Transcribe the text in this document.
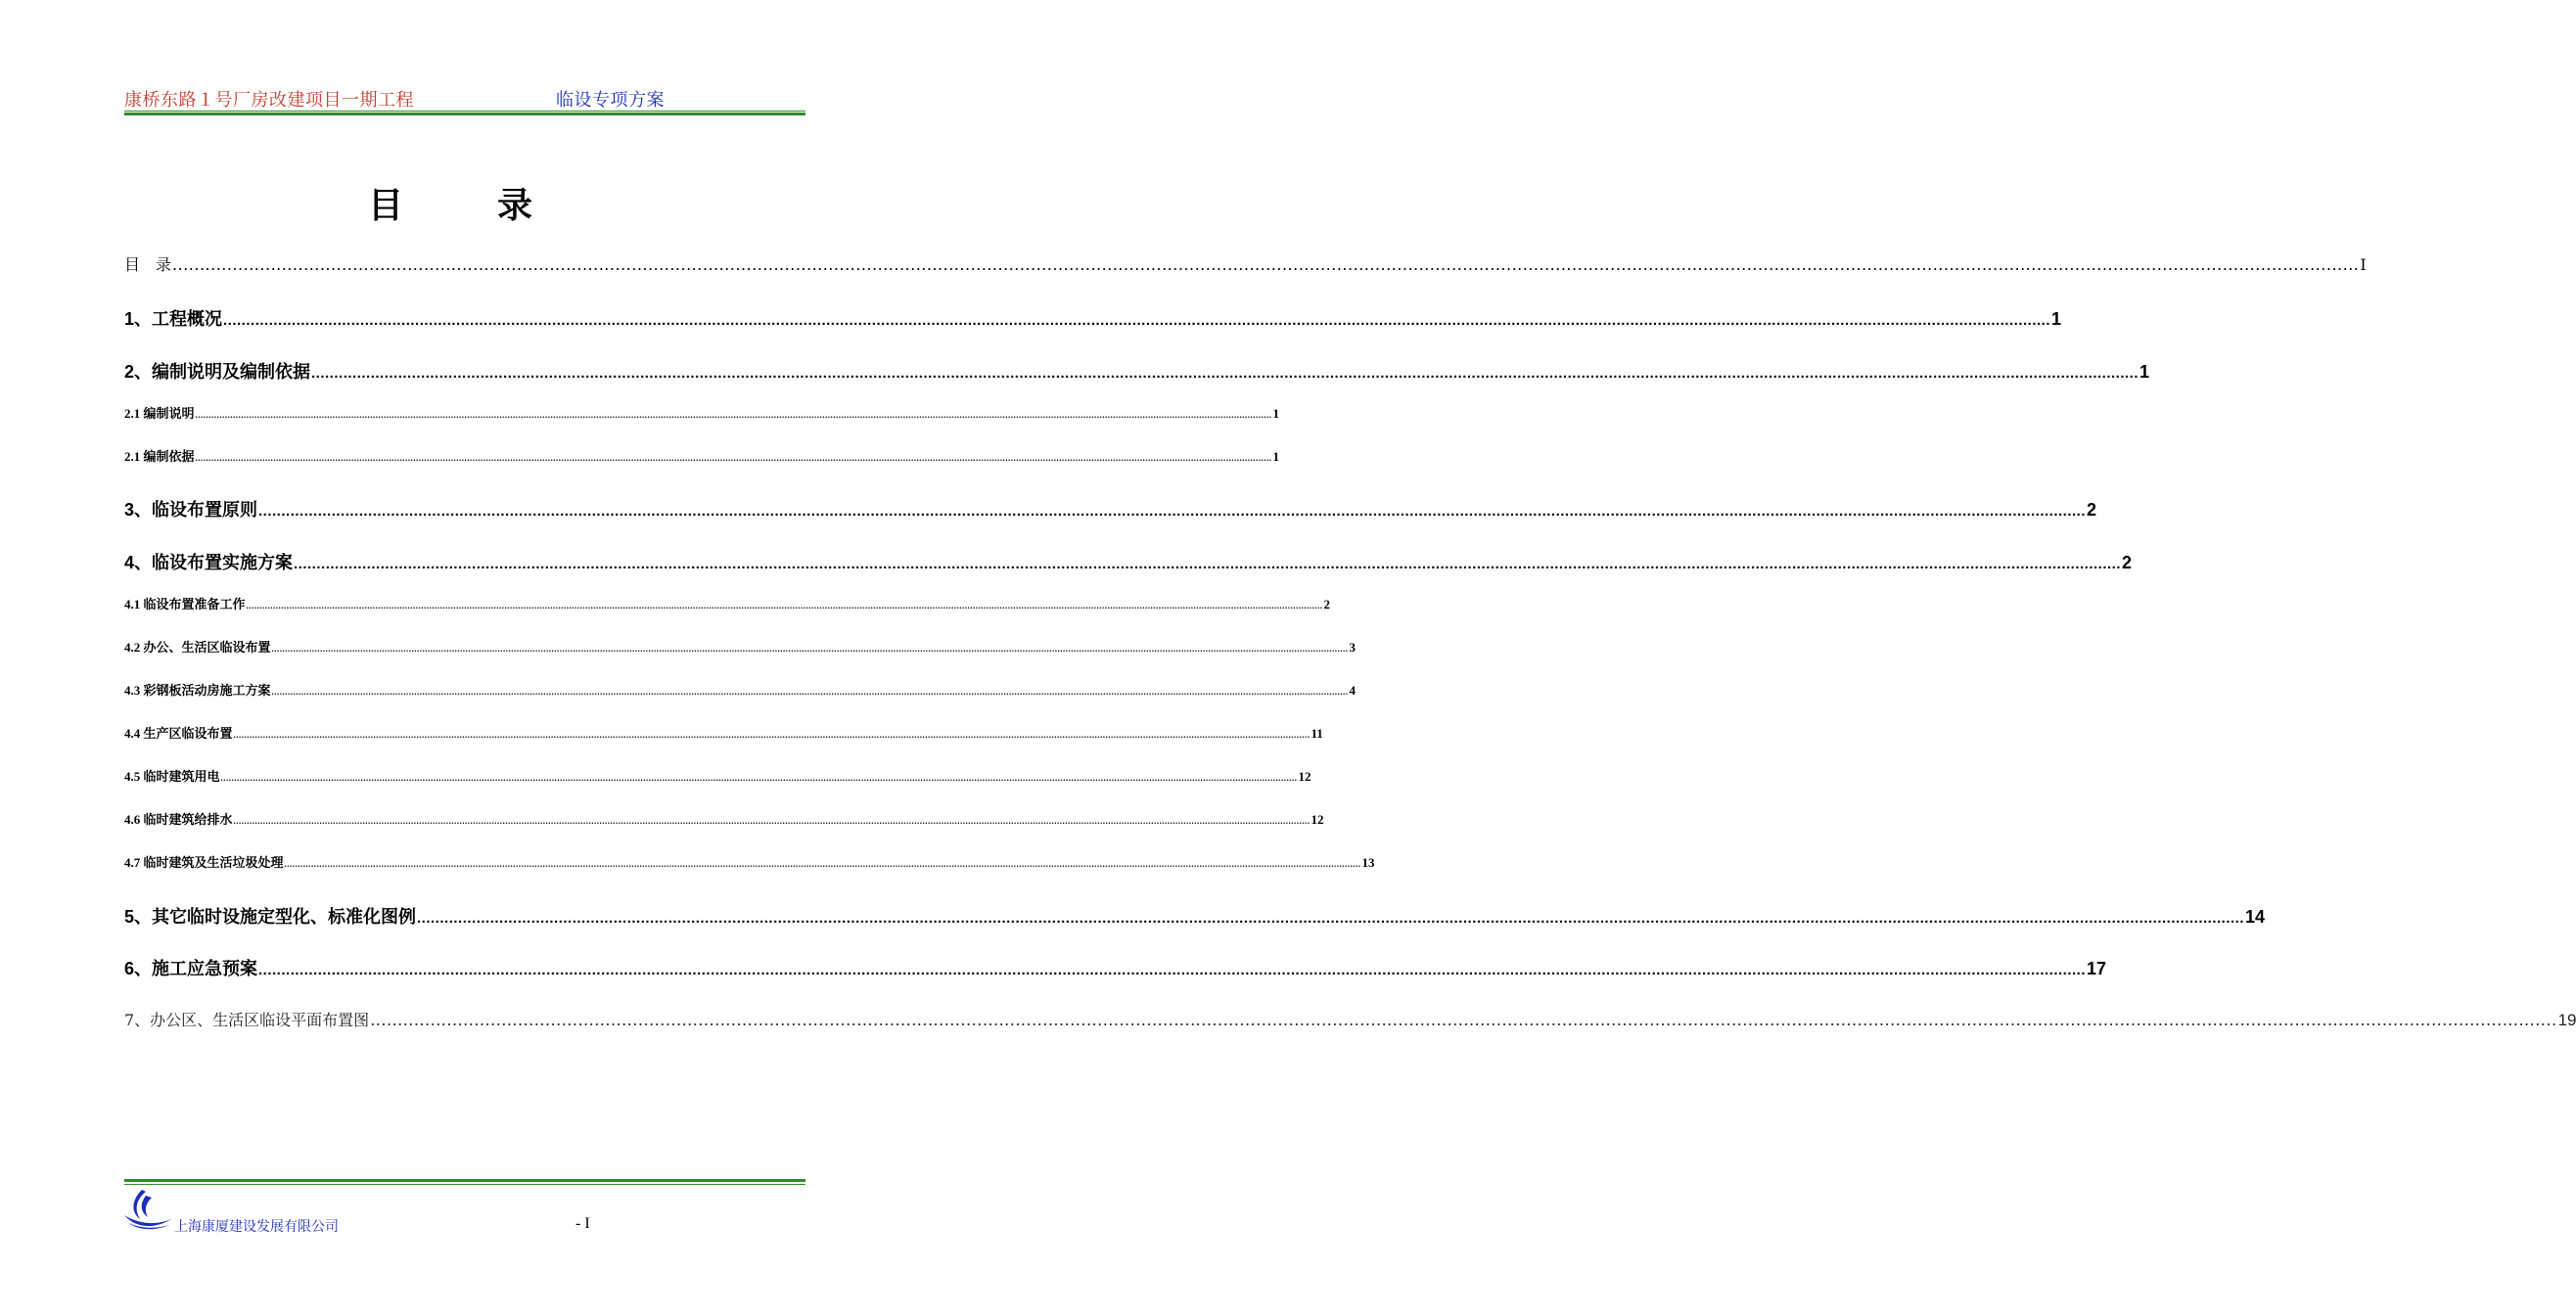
康桥东路１号厂房改建项目一期工程	临设专项方案
目　录
目　录 ................................................................................................................................................................................................................................................................................................................................................................................................................ I
1、工程概况 ................................................................................................................................................................................................................................................................................................................................................................................................................ 1
2、编制说明及编制依据 ................................................................................................................................................................................................................................................................................................................................................................................................................ 1
2.1 编制说明 ................................................................................................................................................................................................................................................................................................................................................................................................................ 1
2.1 编制依据 ................................................................................................................................................................................................................................................................................................................................................................................................................ 1
3、临设布置原则 ................................................................................................................................................................................................................................................................................................................................................................................................................ 2
4、临设布置实施方案 ................................................................................................................................................................................................................................................................................................................................................................................................................ 2
4.1 临设布置准备工作 ................................................................................................................................................................................................................................................................................................................................................................................................................ 2
4.2 办公、生活区临设布置 ................................................................................................................................................................................................................................................................................................................................................................................................................ 3
4.3 彩钢板活动房施工方案 ................................................................................................................................................................................................................................................................................................................................................................................................................ 4
4.4 生产区临设布置 ................................................................................................................................................................................................................................................................................................................................................................................................................ 11
4.5 临时建筑用电 ................................................................................................................................................................................................................................................................................................................................................................................................................ 12
4.6 临时建筑给排水 ................................................................................................................................................................................................................................................................................................................................................................................................................ 12
4.7 临时建筑及生活垃圾处理 ................................................................................................................................................................................................................................................................................................................................................................................................................ 13
5、其它临时设施定型化、标准化图例 ................................................................................................................................................................................................................................................................................................................................................................................................................ 14
6、施工应急预案 ................................................................................................................................................................................................................................................................................................................................................................................................................ 17
7、办公区、生活区临设平面布置图 ................................................................................................................................................................................................................................................................................................................................................................................................................ 19
上海康厦建设发展有限公司	- I
